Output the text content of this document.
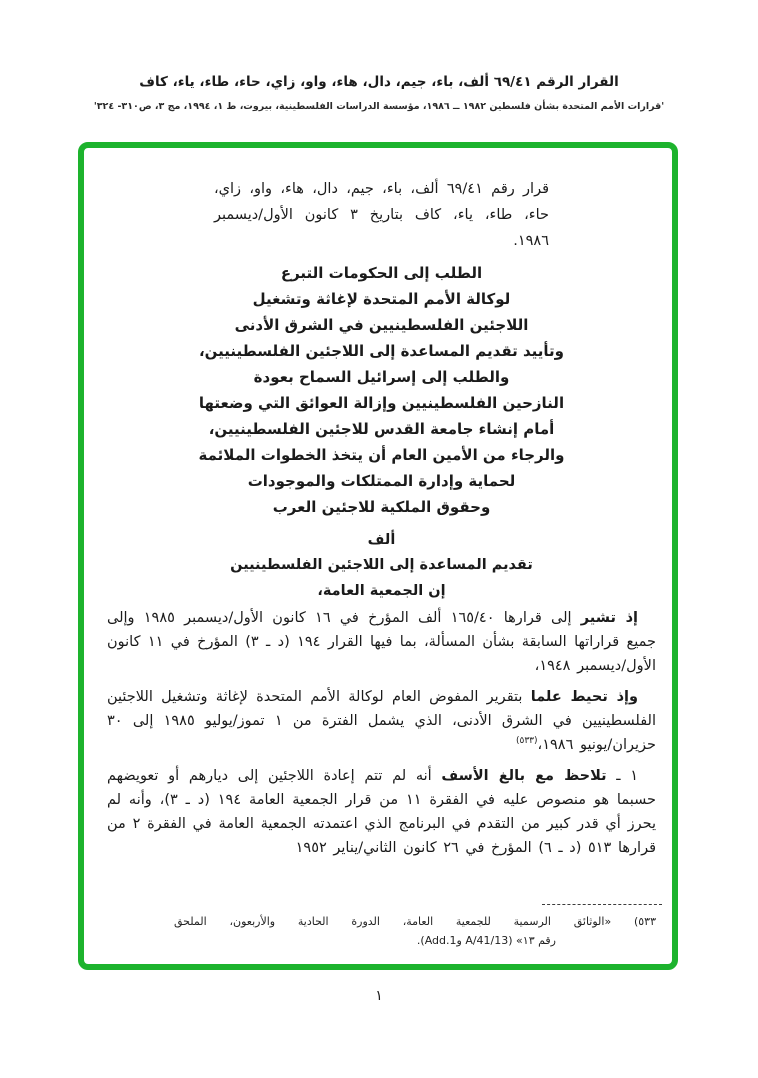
القرار الرقم ٦٩/٤١ ألف، باء، جيم، دال، هاء، واو، زاي، حاء، طاء، ياء، كاف
'قرارات الأمم المتحدة بشأن فلسطين ١٩٨٢ ــ ١٩٨٦، مؤسسة الدراسات الفلسطينية، بيروت، ط ١، ١٩٩٤، مج ٣، ص٣١٠- ٣٢٤'

قرار رقم ٦٩/٤١ ألف، باء، جيم، دال، هاء، واو، زاي، حاء، طاء، ياء، كاف بتاريخ ٣ كانون الأول/ديسمبر ١٩٨٦.

الطلب إلى الحكومات التبرع
لوكالة الأمم المتحدة لإغاثة وتشغيل
اللاجئين الفلسطينيين في الشرق الأدنى
وتأييد تقديم المساعدة إلى اللاجئين الفلسطينيين،
والطلب إلى إسرائيل السماح بعودة
النازحين الفلسطينيين وإزالة العوائق التي وضعتها
أمام إنشاء جامعة القدس للاجئين الفلسطينيين،
والرجاء من الأمين العام أن يتخذ الخطوات الملائمة
لحماية وإدارة الممتلكات والموجودات
وحقوق الملكية للاجئين العرب
ألف
تقديم المساعدة إلى اللاجئين الفلسطينيين
إن الجمعية العامة،

إذ تشير إلى قرارها ١٦٥/٤٠ ألف المؤرخ في ١٦ كانون الأول/ديسمبر ١٩٨٥ وإلى جميع قراراتها السابقة بشأن المسألة، بما فيها القرار ١٩٤ (د ـ ٣) المؤرخ في ١١ كانون الأول/ديسمبر ١٩٤٨،

وإذ تحيط علما بتقرير المفوض العام لوكالة الأمم المتحدة لإغاثة وتشغيل اللاجئين الفلسطينيين في الشرق الأدنى، الذي يشمل الفترة من ١ تموز/يوليو ١٩٨٥ إلى ٣٠ حزيران/يونيو ١٩٨٦،$^{(٥٣٣)}$

١ ـ تلاحظ مع بالغ الأسف أنه لم تتم إعادة اللاجئين إلى ديارهم أو تعويضهم حسبما هو منصوص عليه في الفقرة ١١ من قرار الجمعية العامة ١٩٤ (د ـ ٣)، وأنه لم يحرز أي قدر كبير من التقدم في البرنامج الذي اعتمدته الجمعية العامة في الفقرة ٢ من قرارها ٥١٣ (د ـ ٦) المؤرخ في ٢٦ كانون الثاني/يناير ١٩٥٢

٥٣٣) «الوثائق الرسمية للجمعية العامة، الدورة الحادية والأربعون، الملحق
رقم ١٣» (A/41/13 وAdd.1).
١
